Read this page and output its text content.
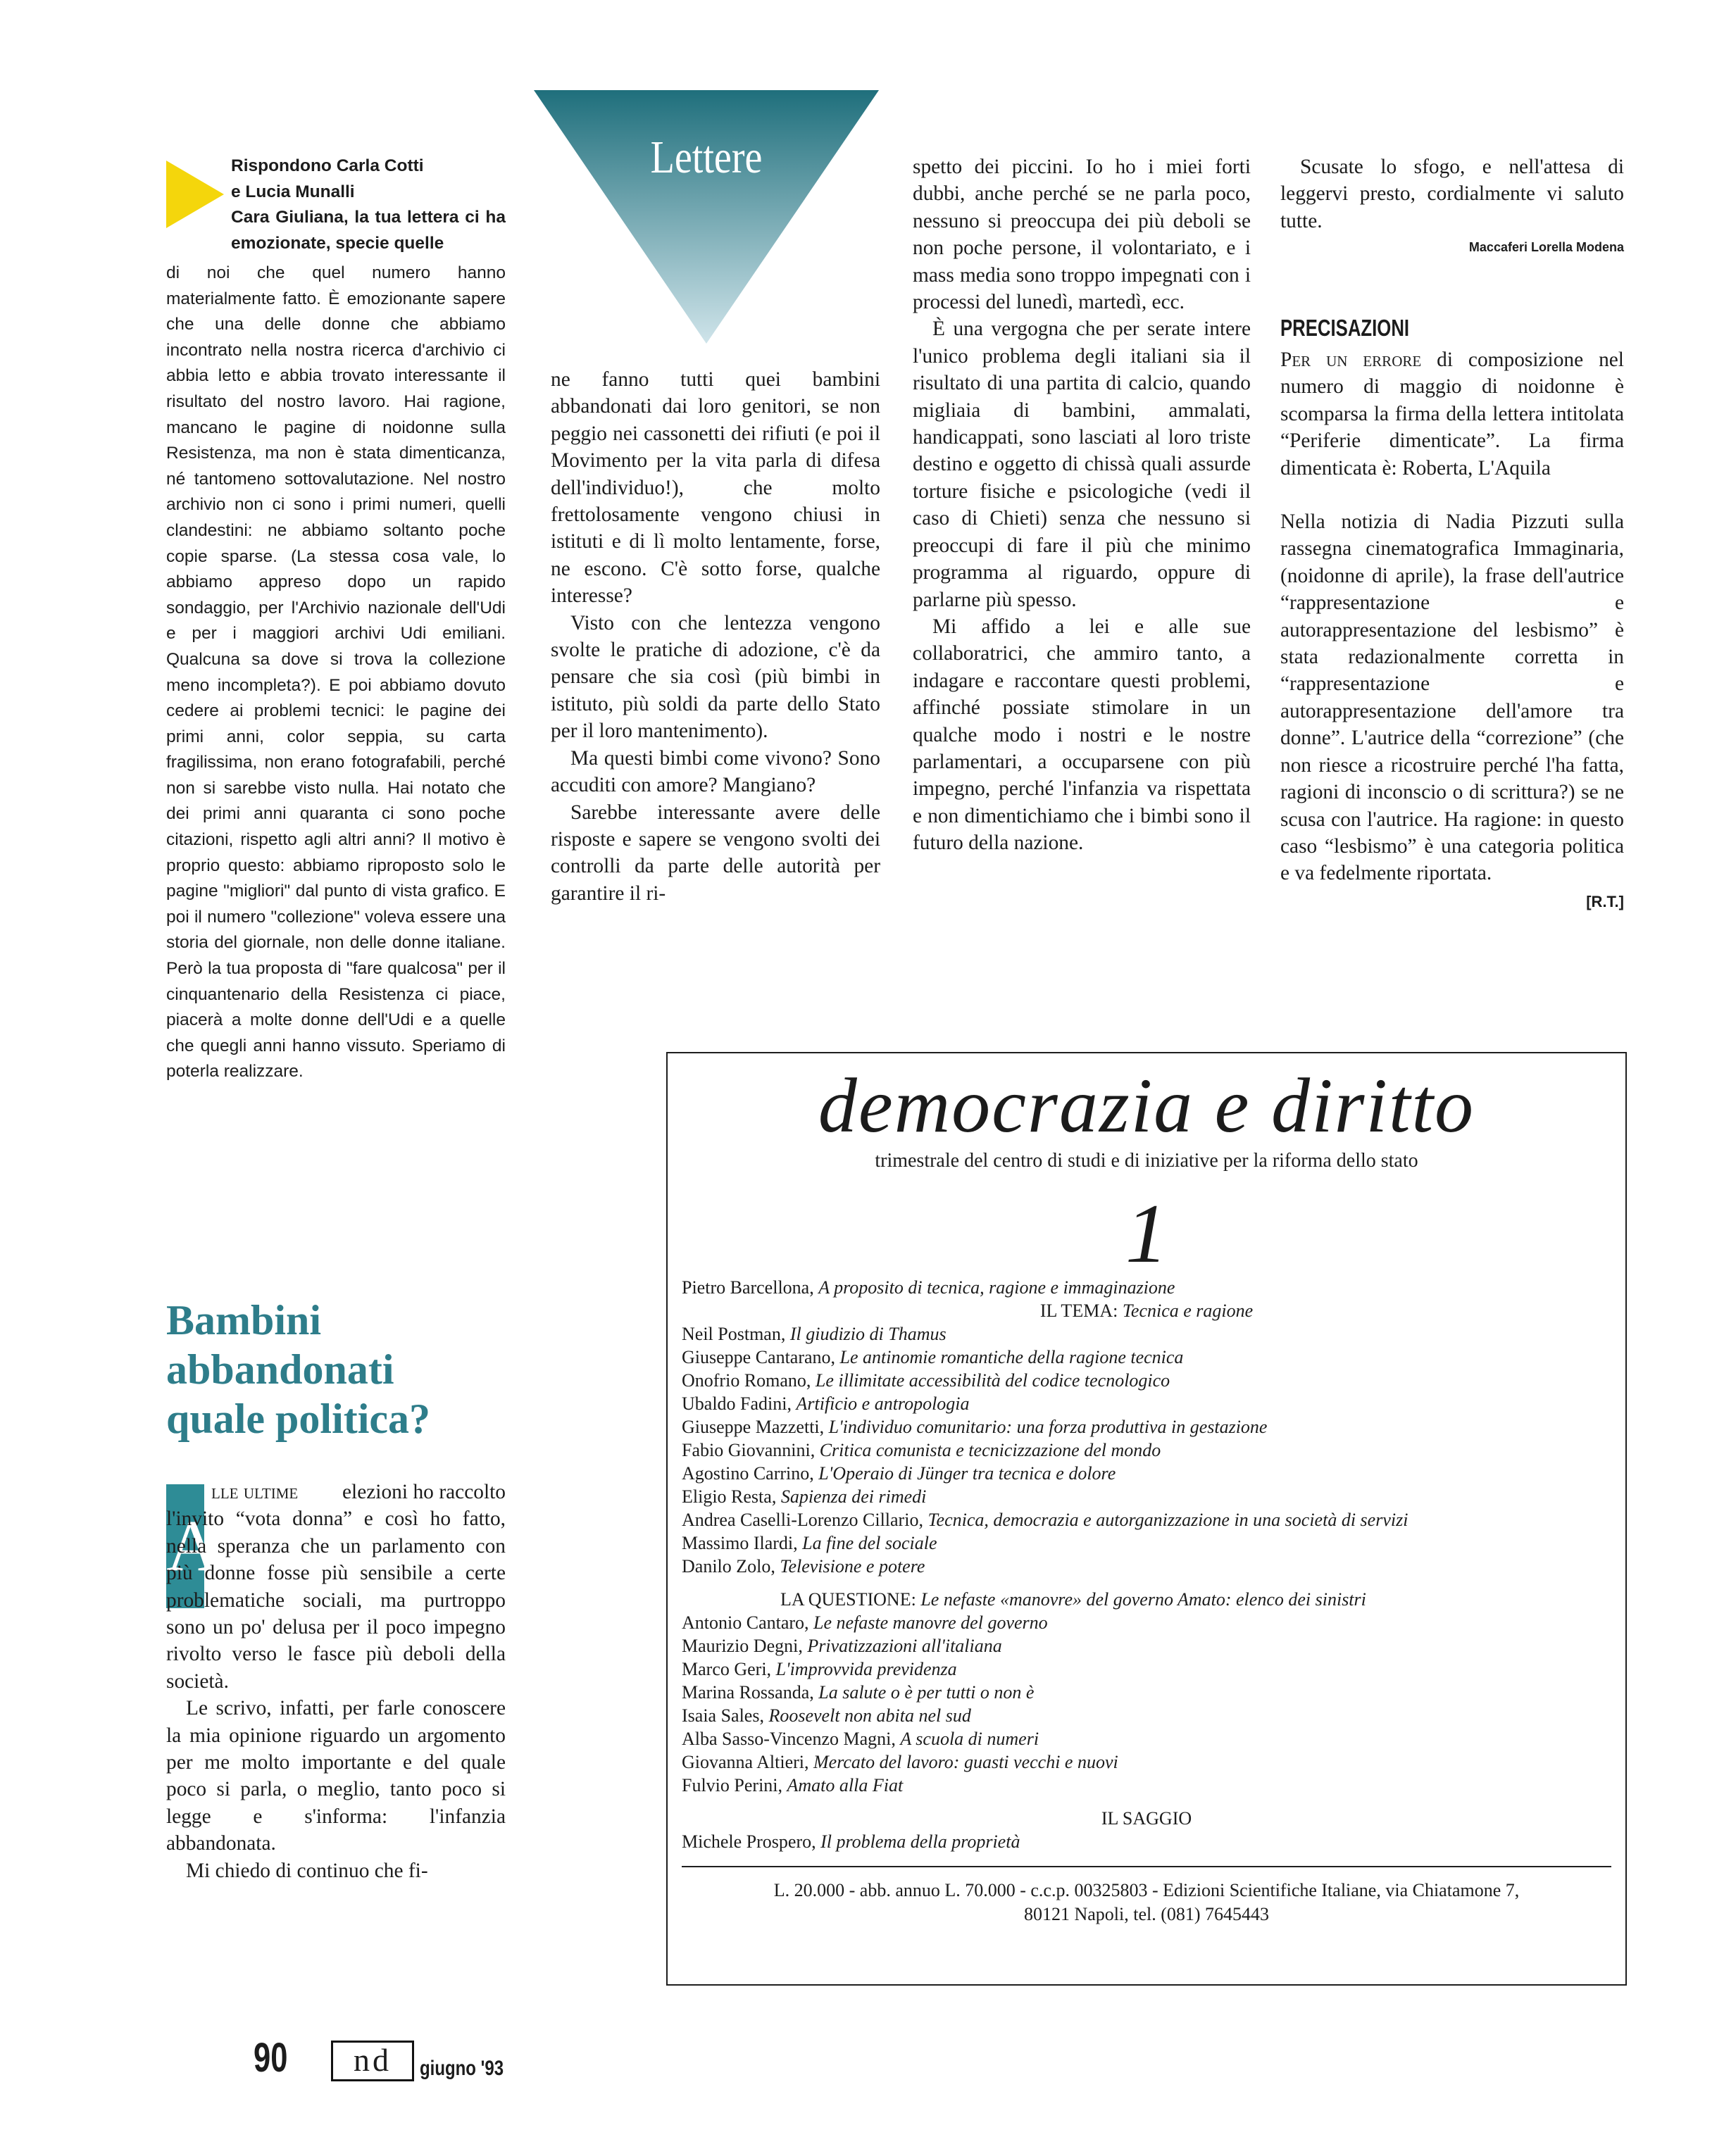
Rispondono Carla Cotti
e Lucia Munalli
Cara Giuliana, la tua lettera ci ha emozionate, specie quelle

di noi che quel numero hanno materialmente fatto. È emozionante sapere che una delle donne che abbiamo incontrato nella nostra ricerca d'archivio ci abbia letto e abbia trovato interessante il risultato del nostro lavoro. Hai ragione, mancano le pagine di noidonne sulla Resistenza, ma non è stata dimenticanza, né tantomeno sottovalutazione. Nel nostro archivio non ci sono i primi numeri, quelli clandestini: ne abbiamo soltanto poche copie sparse. (La stessa cosa vale, lo abbiamo appreso dopo un rapido sondaggio, per l'Archivio nazionale dell'Udi e per i maggiori archivi Udi emiliani. Qualcuna sa dove si trova la collezione meno incompleta?). E poi abbiamo dovuto cedere ai problemi tecnici: le pagine dei primi anni, color seppia, su carta fragilissima, non erano fotografabili, perché non si sarebbe visto nulla. Hai notato che dei primi anni quaranta ci sono poche citazioni, rispetto agli altri anni? Il motivo è proprio questo: abbiamo riproposto solo le pagine "migliori" dal punto di vista grafico. E poi il numero "collezione" voleva essere una storia del giornale, non delle donne italiane. Però la tua proposta di "fare qualcosa" per il cinquantenario della Resistenza ci piace, piacerà a molte donne dell'Udi e a quelle che quegli anni hanno vissuto. Speriamo di poterla realizzare.

Bambini
abbandonati
quale politica?
A
lle ultime	elezioni ho raccolto l'invito “vota donna” e così ho fatto, nella speranza che un parlamento con più donne fosse più sensibile a certe problematiche sociali, ma purtroppo sono un po' delusa per il poco impegno rivolto verso le fasce più deboli della società.

Le scrivo, infatti, per farle conoscere la mia opinione riguardo un argomento per me molto importante e del quale poco si parla, o meglio, tanto poco si legge e s'informa: l'infanzia abbandonata.

Mi chiedo di continuo che fi-

Lettere

ne fanno tutti quei bambini abbandonati dai loro genitori, se non peggio nei cassonetti dei rifiuti (e poi il Movimento per la vita parla di difesa dell'individuo!), che molto frettolosamente vengono chiusi in istituti e di lì molto lentamente, forse, ne escono. C'è sotto forse, qualche interesse?

Visto con che lentezza vengono svolte le pratiche di adozione, c'è da pensare che sia così (più bimbi in istituto, più soldi da parte dello Stato per il loro mantenimento).

Ma questi bimbi come vivono? Sono accuditi con amore? Mangiano?

Sarebbe interessante avere delle risposte e sapere se vengono svolti dei controlli da parte delle autorità per garantire il ri-

spetto dei piccini. Io ho i miei forti dubbi, anche perché se ne parla poco, nessuno si preoccupa dei più deboli se non poche persone, il volontariato, e i mass media sono troppo impegnati con i processi del lunedì, martedì, ecc.

È una vergogna che per serate intere l'unico problema degli italiani sia il risultato di una partita di calcio, quando migliaia di bambini, ammalati, handicappati, sono lasciati al loro triste destino e oggetto di chissà quali assurde torture fisiche e psicologiche (vedi il caso di Chieti) senza che nessuno si preoccupi di fare il più che minimo programma al riguardo, oppure di parlarne più spesso.

Mi affido a lei e alle sue collaboratrici, che ammiro tanto, a indagare e raccontare questi problemi, affinché possiate stimolare in un qualche modo i nostri e le nostre parlamentari, a occuparsene con più impegno, perché l'infanzia va rispettata e non dimentichiamo che i bimbi sono il futuro della nazione.

Scusate lo sfogo, e nell'attesa di leggervi presto, cordialmente vi saluto tutte.

Maccaferi Lorella Modena
PRECISAZIONI

Per un errore di composizione nel numero di maggio di noidonne è scomparsa la firma della lettera intitolata “Periferie dimenticate”. La firma dimenticata è: Roberta, L'Aquila

Nella notizia di Nadia Pizzuti sulla rassegna cinematografica Immaginaria, (noidonne di aprile), la frase dell'autrice “rappresentazione e autorappresentazione del lesbismo” è stata redazionalmente corretta in “rappresentazione e autorappresentazione dell'amore tra donne”. L'autrice della “correzione” (che non riesce a ricostruire perché l'ha fatta, ragioni di inconscio o di scrittura?) se ne scusa con l'autrice. Ha ragione: in questo caso “lesbismo” è una categoria politica e va fedelmente riportata.

[R.T.]
democrazia e diritto
trimestrale del centro di studi e di iniziative per la riforma dello stato
1
Pietro Barcellona, A proposito di tecnica, ragione e immaginazione
IL TEMA: Tecnica e ragione
Neil Postman, Il giudizio di Thamus
Giuseppe Cantarano, Le antinomie romantiche della ragione tecnica
Onofrio Romano, Le illimitate accessibilità del codice tecnologico
Ubaldo Fadini, Artificio e antropologia
Giuseppe Mazzetti, L'individuo comunitario: una forza produttiva in gestazione
Fabio Giovannini, Critica comunista e tecnicizzazione del mondo
Agostino Carrino, L'Operaio di Jünger tra tecnica e dolore
Eligio Resta, Sapienza dei rimedi
Andrea Caselli-Lorenzo Cillario, Tecnica, democrazia e autorganizzazione in una società di servizi
Massimo Ilardi, La fine del sociale
Danilo Zolo, Televisione e potere
LA QUESTIONE: Le nefaste «manovre» del governo Amato: elenco dei sinistri
Antonio Cantaro, Le nefaste manovre del governo
Maurizio Degni, Privatizzazioni all'italiana
Marco Geri, L'improvvida previdenza
Marina Rossanda, La salute o è per tutti o non è
Isaia Sales, Roosevelt non abita nel sud
Alba Sasso-Vincenzo Magni, A scuola di numeri
Giovanna Altieri, Mercato del lavoro: guasti vecchi e nuovi
Fulvio Perini, Amato alla Fiat
IL SAGGIO
Michele Prospero, Il problema della proprietà
L. 20.000 - abb. annuo L. 70.000 - c.c.p. 00325803 - Edizioni Scientifiche Italiane, via Chiatamone 7,
80121 Napoli, tel. (081) 7645443
90	nd	giugno '93
